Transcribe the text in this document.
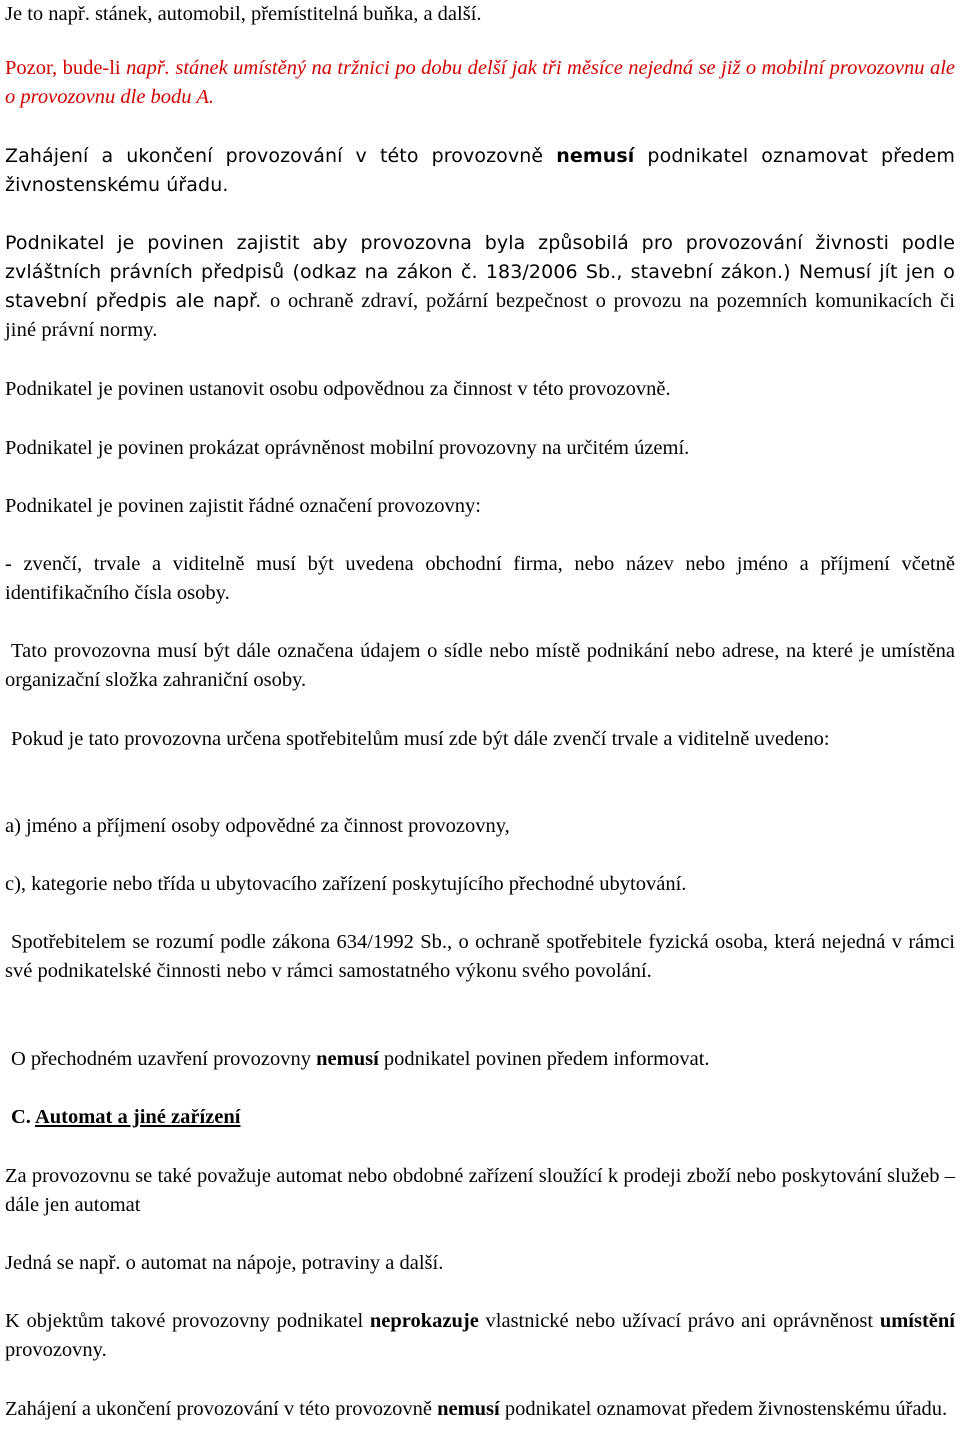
Je to např. stánek, automobil, přemístitelná buňka, a další.

Pozor, bude-li např. stánek umístěný na tržnici po dobu delší jak tři měsíce nejedná se již o mobilní provozovnu ale o provozovnu dle bodu A.

Zahájení a ukončení provozování v této provozovně nemusí podnikatel oznamovat předem živnostenskému úřadu.

Podnikatel je povinen zajistit aby provozovna byla způsobilá pro provozování živnosti podle zvláštních právních předpisů (odkaz na zákon č. 183/2006 Sb., stavební zákon.) Nemusí jít jen o stavební předpis ale např. o ochraně zdraví, požární bezpečnost o provozu na pozemních komunikacích či jiné právní normy.

Podnikatel je povinen ustanovit osobu odpovědnou za činnost v této provozovně.

Podnikatel je povinen prokázat oprávněnost mobilní provozovny na určitém území.

Podnikatel je povinen zajistit řádné označení provozovny:

- zvenčí, trvale a viditelně musí být uvedena obchodní firma, nebo název nebo jméno a příjmení včetně identifikačního čísla osoby.

Tato provozovna musí být dále označena údajem o sídle nebo místě podnikání nebo adrese, na které je umístěna organizační složka zahraniční osoby.

Pokud je tato provozovna určena spotřebitelům musí zde být dále zvenčí trvale a viditelně uvedeno:

a) jméno a příjmení osoby odpovědné za činnost provozovny,

c), kategorie nebo třída u ubytovacího zařízení poskytujícího přechodné ubytování.

Spotřebitelem se rozumí podle zákona 634/1992 Sb., o ochraně spotřebitele fyzická osoba, která nejedná v rámci své podnikatelské činnosti nebo v rámci samostatného výkonu svého povolání.

O přechodném uzavření provozovny nemusí podnikatel povinen předem informovat.

C. Automat a jiné zařízení

Za provozovnu se také považuje automat nebo obdobné zařízení sloužící k prodeji zboží nebo poskytování služeb – dále jen automat

Jedná se např. o automat na nápoje, potraviny a další.

K objektům takové provozovny podnikatel neprokazuje vlastnické nebo užívací právo ani oprávněnost umístění provozovny.

Zahájení a ukončení provozování v této provozovně nemusí podnikatel oznamovat předem živnostenskému úřadu.
